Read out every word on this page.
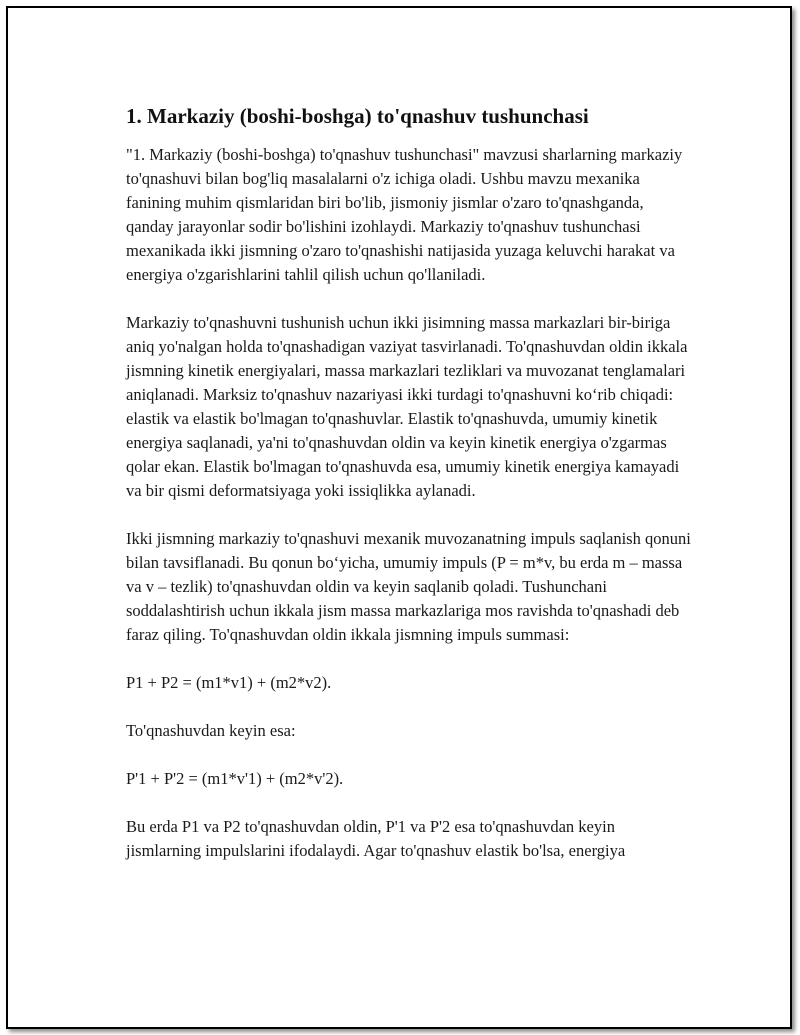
1. Markaziy (boshi-boshga) to'qnashuv tushunchasi

"1. Markaziy (boshi-boshga) to'qnashuv tushunchasi" mavzusi sharlarning markaziy to'qnashuvi bilan bog'liq masalalarni o'z ichiga oladi. Ushbu mavzu mexanika fanining muhim qismlaridan biri bo'lib, jismoniy jismlar o'zaro to'qnashganda, qanday jarayonlar sodir bo'lishini izohlaydi. Markaziy to'qnashuv tushunchasi mexanikada ikki jismning o'zaro to'qnashishi natijasida yuzaga keluvchi harakat va energiya o'zgarishlarini tahlil qilish uchun qo'llaniladi.

Markaziy to'qnashuvni tushunish uchun ikki jisimning massa markazlari bir-biriga aniq yo'nalgan holda to'qnashadigan vaziyat tasvirlanadi. To'qnashuvdan oldin ikkala jismning kinetik energiyalari, massa markazlari tezliklari va muvozanat tenglamalari aniqlanadi. Marksiz to'qnashuv nazariyasi ikki turdagi to'qnashuvni ko‘rib chiqadi: elastik va elastik bo'lmagan to'qnashuvlar. Elastik to'qnashuvda, umumiy kinetik energiya saqlanadi, ya'ni to'qnashuvdan oldin va keyin kinetik energiya o'zgarmas qolar ekan. Elastik bo'lmagan to'qnashuvda esa, umumiy kinetik energiya kamayadi va bir qismi deformatsiyaga yoki issiqlikka aylanadi.

Ikki jismning markaziy to'qnashuvi mexanik muvozanatning impuls saqlanish qonuni bilan tavsiflanadi. Bu qonun bo‘yicha, umumiy impuls (P = m*v, bu erda m – massa va v – tezlik) to'qnashuvdan oldin va keyin saqlanib qoladi. Tushunchani soddalashtirish uchun ikkala jism massa markazlariga mos ravishda to'qnashadi deb faraz qiling. To'qnashuvdan oldin ikkala jismning impuls summasi:

P1 + P2 = (m1*v1) + (m2*v2).

To'qnashuvdan keyin esa:

P'1 + P'2 = (m1*v'1) + (m2*v'2).

Bu erda P1 va P2 to'qnashuvdan oldin, P'1 va P'2 esa to'qnashuvdan keyin jismlarning impulslarini ifodalaydi. Agar to'qnashuv elastik bo'lsa, energiya
